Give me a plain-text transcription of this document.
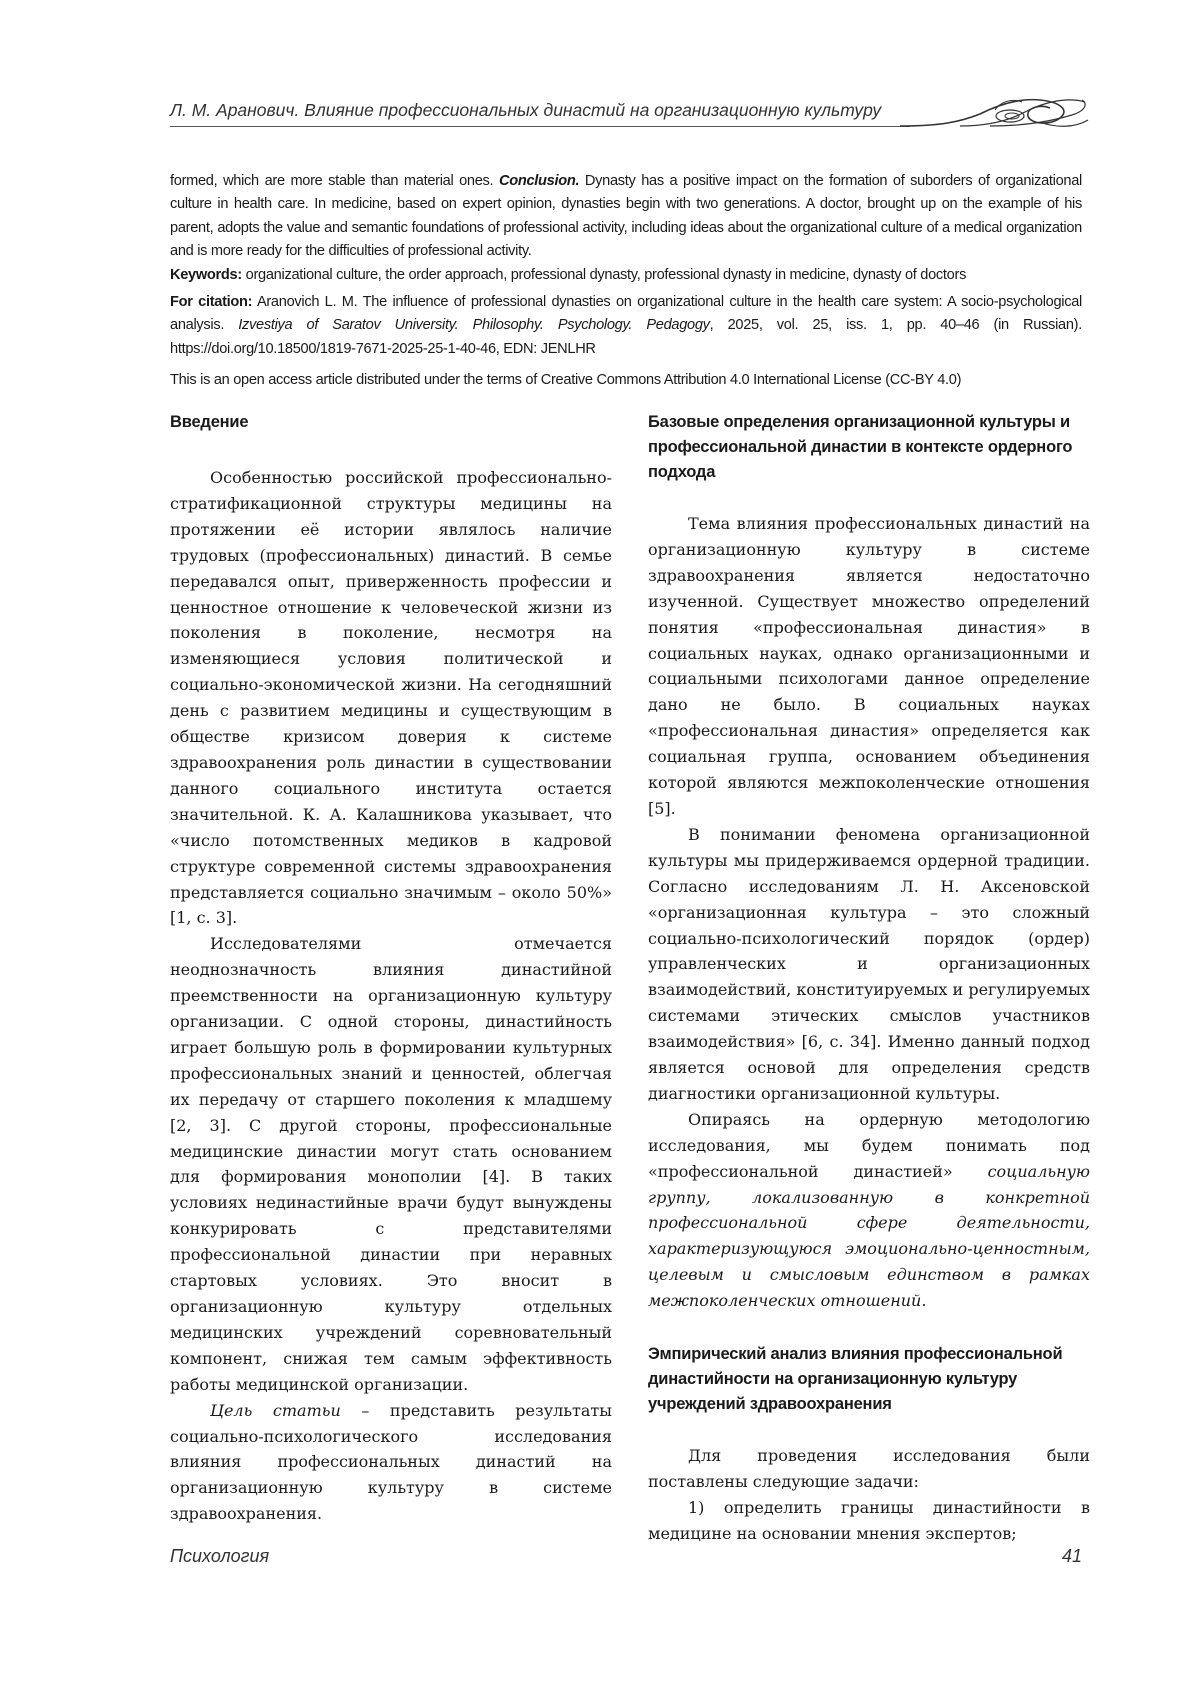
Л. М. Аранович. Влияние профессиональных династий на организационную культуру

formed, which are more stable than material ones. Conclusion. Dynasty has a positive impact on the formation of suborders of organizational culture in health care. In medicine, based on expert opinion, dynasties begin with two generations. A doctor, brought up on the example of his parent, adopts the value and semantic foundations of professional activity, including ideas about the organizational culture of a medical organization and is more ready for the difficulties of professional activity.

Keywords: organizational culture, the order approach, professional dynasty, professional dynasty in medicine, dynasty of doctors

For citation: Aranovich L. M. The influence of professional dynasties on organizational culture in the health care system: A socio-psychological analysis. Izvestiya of Saratov University. Philosophy. Psychology. Pedagogy, 2025, vol. 25, iss. 1, pp. 40–46 (in Russian). https://doi.org/10.18500/1819-7671-2025-25-1-40-46, EDN: JENLHR

This is an open access article distributed under the terms of Creative Commons Attribution 4.0 International License (CC-BY 4.0)

Введение

Особенностью российской профессионально-стратификационной структуры медицины на протяжении её истории являлось наличие трудовых (профессиональных) династий. В семье передавался опыт, приверженность профессии и ценностное отношение к человеческой жизни из поколения в поколение, несмотря на изменяющиеся условия политической и социально-экономической жизни. На сегодняшний день с развитием медицины и существующим в обществе кризисом доверия к системе здравоохранения роль династии в существовании данного социального института остается значительной. К. А. Калашникова указывает, что «число потомственных медиков в кадровой структуре современной системы здравоохранения представляется социально значимым – около 50%» [1, с. 3].

Исследователями отмечается неоднозначность влияния династийной преемственности на организационную культуру организации. С одной стороны, династийность играет большую роль в формировании культурных профессиональных знаний и ценностей, облегчая их передачу от старшего поколения к младшему [2, 3]. С другой стороны, профессиональные медицинские династии могут стать основанием для формирования монополии [4]. В таких условиях нединастийные врачи будут вынуждены конкурировать с представителями профессиональной династии при неравных стартовых условиях. Это вносит в организационную культуру отдельных медицинских учреждений соревновательный компонент, снижая тем самым эффективность работы медицинской организации.

Цель статьи – представить результаты социально-психологического исследования влияния профессиональных династий на организационную культуру в системе здравоохранения.

Базовые определения организационной культуры и профессиональной династии в контексте ордерного подхода

Тема влияния профессиональных династий на организационную культуру в системе здравоохранения является недостаточно изученной. Существует множество определений понятия «профессиональная династия» в социальных науках, однако организационными и социальными психологами данное определение дано не было. В социальных науках «профессиональная династия» определяется как социальная группа, основанием объединения которой являются межпоколенческие отношения [5].

В понимании феномена организационной культуры мы придерживаемся ордерной традиции. Согласно исследованиям Л. Н. Аксеновской «организационная культура – это сложный социально-психологический порядок (ордер) управленческих и организационных взаимодействий, конституируемых и регулируемых системами этических смыслов участников взаимодействия» [6, с. 34]. Именно данный подход является основой для определения средств диагностики организационной культуры.

Опираясь на ордерную методологию исследования, мы будем понимать под «профессиональной династией» социальную группу, локализованную в конкретной профессиональной сфере деятельности, характеризующуюся эмоционально-ценностным, целевым и смысловым единством в рамках межпоколенческих отношений.

Эмпирический анализ влияния профессиональной династийности на организационную культуру учреждений здравоохранения

Для проведения исследования были поставлены следующие задачи:

1) определить границы династийности в медицине на основании мнения экспертов;

Психология	41
